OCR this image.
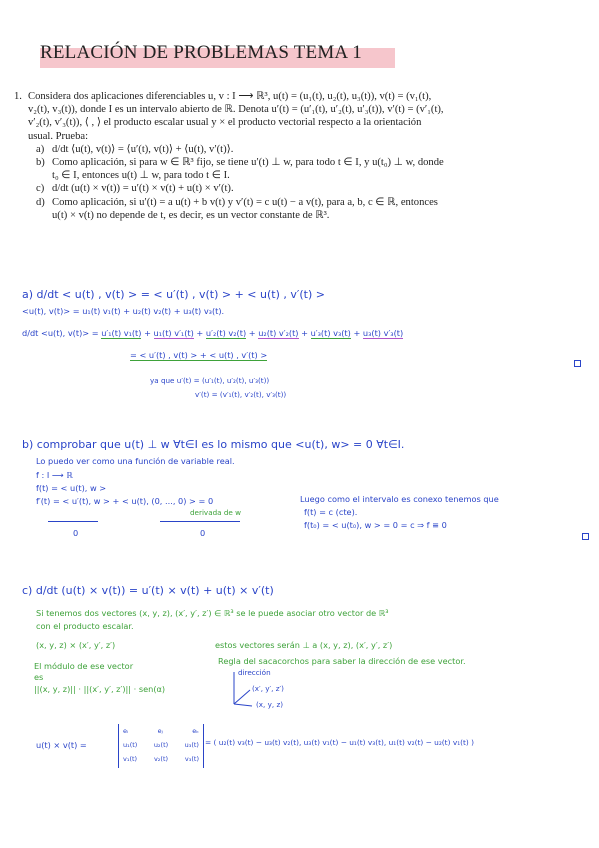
RELACIÓN DE PROBLEMAS TEMA 1
1. Considera dos aplicaciones diferenciables u, v : I ⟶ ℝ³, u(t) = (u₁(t), u₂(t), u₃(t)), v(t) = (v₁(t), v₂(t), v₃(t)), donde I es un intervalo abierto de ℝ. Denota u′(t) = (u′₁(t), u′₂(t), u′₃(t)), v′(t) = (v′₁(t), v′₂(t), v′₃(t)), ⟨ , ⟩ el producto escalar usual y × el producto vectorial respecto a la orientación usual. Prueba:
a) d/dt ⟨u(t), v(t)⟩ = ⟨u′(t), v(t)⟩ + ⟨u(t), v′(t)⟩.
b) Como aplicación, si para w ∈ ℝ³ fijo, se tiene u′(t) ⊥ w, para todo t ∈ I, y u(t₀) ⊥ w, donde t₀ ∈ I, entonces u(t) ⊥ w, para todo t ∈ I.
c) d/dt (u(t) × v(t)) = u′(t) × v(t) + u(t) × v′(t).
d) Como aplicación, si u′(t) = a u(t) + b v(t) y v′(t) = c u(t) − a v(t), para a, b, c ∈ ℝ, entonces u(t) × v(t) no depende de t, es decir, es un vector constante de ℝ³.
a) d/dt < u(t) , v(t) > = < u′(t) , v(t) > + < u(t) , v′(t) >
<u(t), v(t)> = u₁(t) v₁(t) + u₂(t) v₂(t) + u₃(t) v₃(t).
d/dt <u(t), v(t)> = u′₁(t) v₁(t) + u₁(t) v′₁(t) + u′₂(t) v₂(t) + u₂(t) v′₂(t) + u′₃(t) v₃(t) + u₃(t) v′₃(t)
= < u′(t) , v(t) > + < u(t) , v′(t) >
ya que u′(t) = (u′₁(t), u′₂(t), u′₃(t))
v′(t) = (v′₁(t), v′₂(t), v′₃(t))
b) comprobar que u(t) ⊥ w ∀t∈I es lo mismo que <u(t), w> = 0 ∀t∈I.
Lo puedo ver como una función de variable real.
f : I ⟶ ℝ
f(t) = < u(t), w >
f′(t) = < u′(t), w > + < u(t), (0, ..., 0) > = 0
derivada de w
0	0
Luego como el intervalo es conexo tenemos que
f(t) = c (cte).
f(t₀) = < u(t₀), w > = 0 = c ⇒ f ≡ 0
c) d/dt (u(t) × v(t)) = u′(t) × v(t) + u(t) × v′(t)
Si tenemos dos vectores (x, y, z), (x′, y′, z′) ∈ ℝ³ se le puede asociar otro vector de ℝ³
con el producto escalar.
(x, y, z) × (x′, y′, z′)	estos vectores serán ⊥ a (x, y, z), (x′, y′, z′)
Regla del sacacorchos para saber la dirección de ese vector.
El módulo de ese vector
es
||(x, y, z)|| · ||(x′, y′, z′)|| · sen(α)
dirección
(x′, y′, z′)
(x, y, z)
u(t) × v(t) =
eᵢ	eⱼ	eₖ
u₁(t)	u₂(t)	u₃(t)
v₁(t)	v₂(t)	v₃(t)
= ( u₂(t) v₃(t) − u₃(t) v₂(t), u₃(t) v₁(t) − u₁(t) v₃(t), u₁(t) v₂(t) − u₂(t) v₁(t) )
